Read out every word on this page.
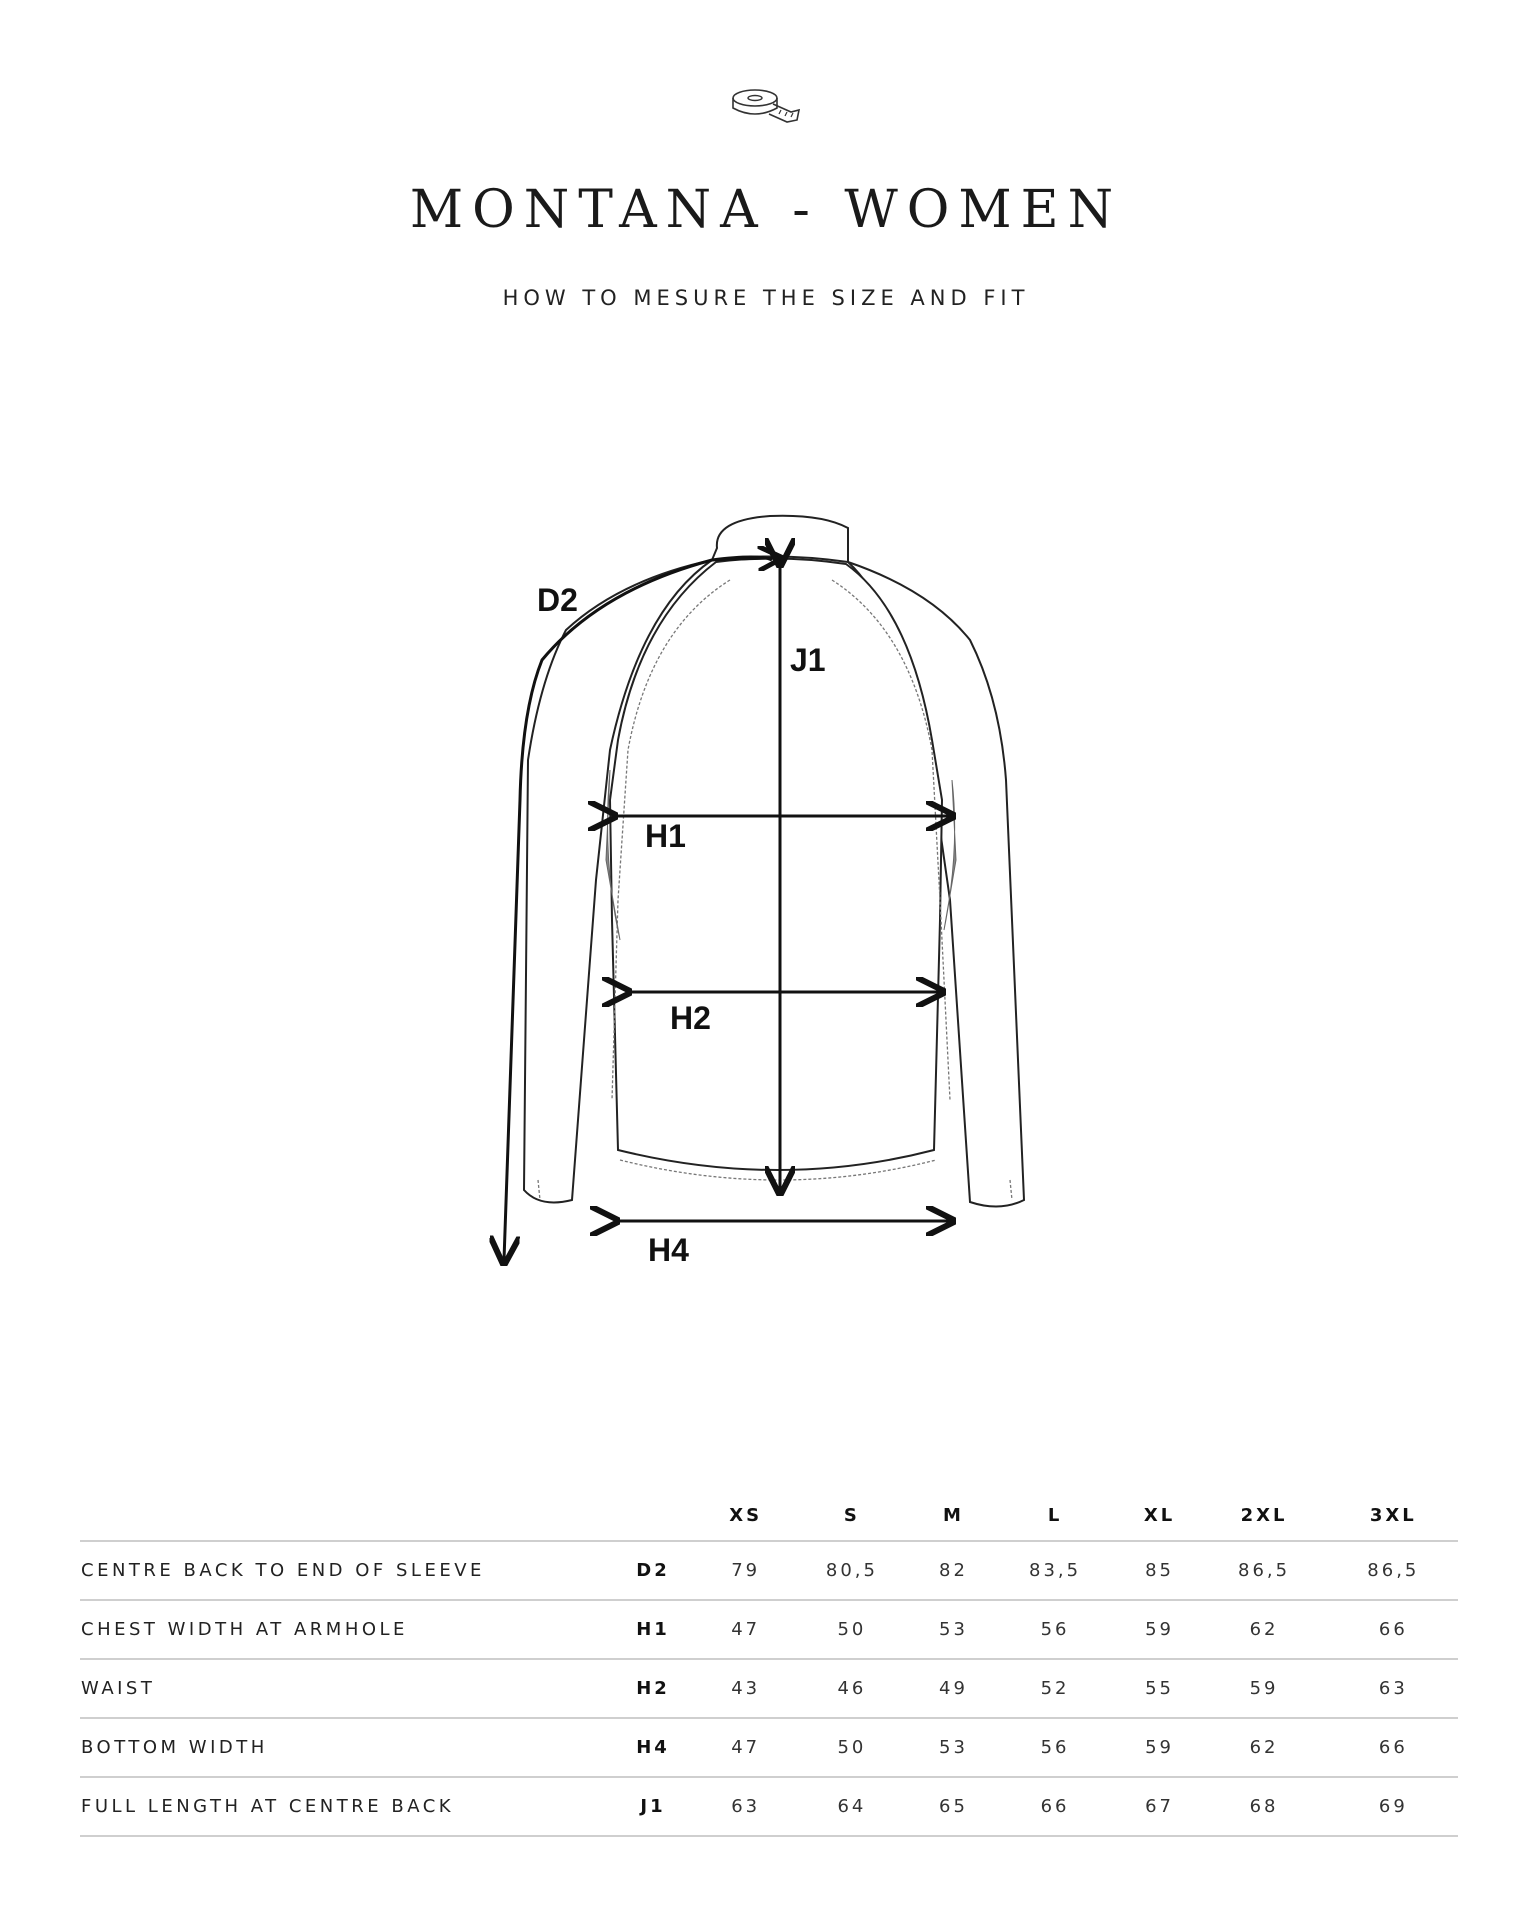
MONTANA - WOMEN
HOW TO MESURE THE SIZE AND FIT
D2
J1
H1
H2
H4
		XS	S	M	L	XL	2XL	3XL
CENTRE BACK TO END OF SLEEVE	D2	79	80,5	82	83,5	85	86,5	86,5
CHEST WIDTH AT ARMHOLE	H1	47	50	53	56	59	62	66
WAIST	H2	43	46	49	52	55	59	63
BOTTOM WIDTH	H4	47	50	53	56	59	62	66
FULL LENGTH AT CENTRE BACK	J1	63	64	65	66	67	68	69
